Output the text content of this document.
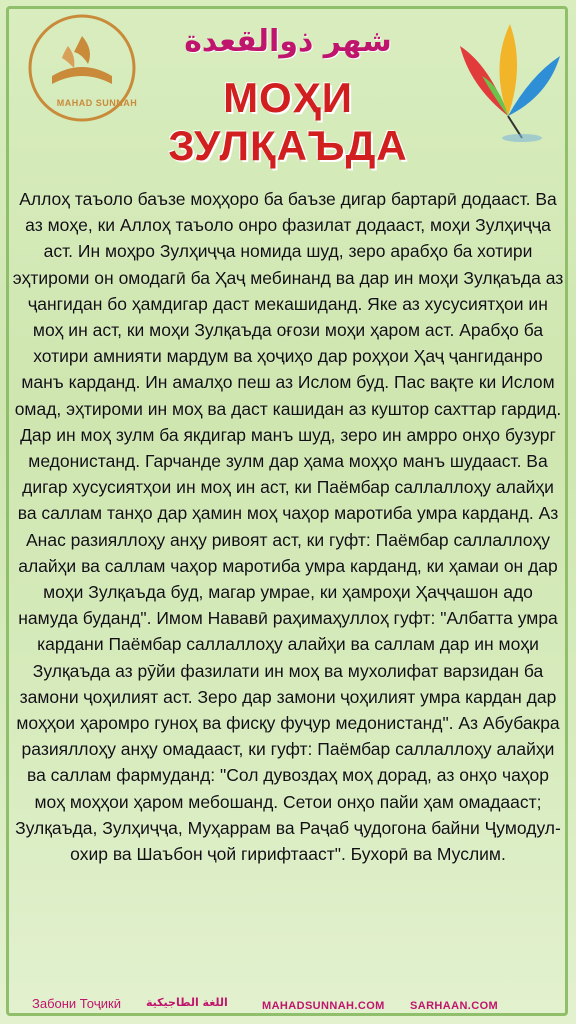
MAHAD SUNNAH
شهر ذوالقعدة
МОҲИ
ЗУЛҚАЪДА

Аллоҳ таъоло баъзе моҳҳоро ба баъзе дигар бартарӣ додааст. Ва аз моҳе, ки Аллоҳ таъоло онро фазилат додааст, моҳи Зулҳиҷҷа аст. Ин моҳро Зулҳиҷҷа номида шуд, зеро арабҳо ба хотири эҳтироми он омодагӣ ба Ҳаҷ мебинанд ва дар ин моҳи Зулқаъда аз ҷангидан бо ҳамдигар даст мекашиданд. Яке аз хусусиятҳои ин моҳ ин аст, ки моҳи Зулқаъда оғози моҳи ҳаром аст. Арабҳо ба хотири амнияти мардум ва ҳоҷиҳо дар роҳҳои Ҳаҷ ҷангиданро манъ карданд. Ин амалҳо пеш аз Ислом буд. Пас вақте ки Ислом омад, эҳтироми ин моҳ ва даст кашидан аз куштор сахттар гардид. Дар ин моҳ зулм ба якдигар манъ шуд, зеро ин амрро онҳо бузург медонистанд. Гарчанде зулм дар ҳама моҳҳо манъ шудааст. Ва дигар хусусиятҳои ин моҳ ин аст, ки Паёмбар саллаллоҳу алайҳи ва саллам танҳо дар ҳамин моҳ чаҳор маротиба умра карданд. Аз Анас разияллоҳу анҳу ривоят аст, ки гуфт: Паёмбар саллаллоҳу алайҳи ва саллам чаҳор маротиба умра карданд, ки ҳамаи он дар моҳи Зулқаъда буд, магар умрае, ки ҳамроҳи Ҳаҷҷашон адо намуда буданд". Имом Нававӣ раҳимаҳуллоҳ гуфт: "Албатта умра кардани Паёмбар саллаллоҳу алайҳи ва саллам дар ин моҳи Зулқаъда аз рӯйи фазилати ин моҳ ва мухолифат варзидан ба замони ҷоҳилият аст. Зеро дар замони ҷоҳилият умра кардан дар моҳҳои ҳаромро гуноҳ ва фисқу фуҷур медонистанд". Аз Абубакра разияллоҳу анҳу омадааст, ки гуфт: Паёмбар саллаллоҳу алайҳи ва саллам фармуданд: "Сол дувоздаҳ моҳ дорад, аз онҳо чаҳор моҳ моҳҳои ҳаром мебошанд. Сетои онҳо пайи ҳам омадааст; Зулқаъда, Зулҳиҷҷа, Муҳаррам ва Раҷаб ҷудогона байни Ҷумодул-охир ва Шаъбон ҷой гирифтааст". Бухорӣ ва Муслим.

Забони Тоҷикӣ اللغة الطاجيكية	MAHADSUNNAH.COM SARHAAN.COM
